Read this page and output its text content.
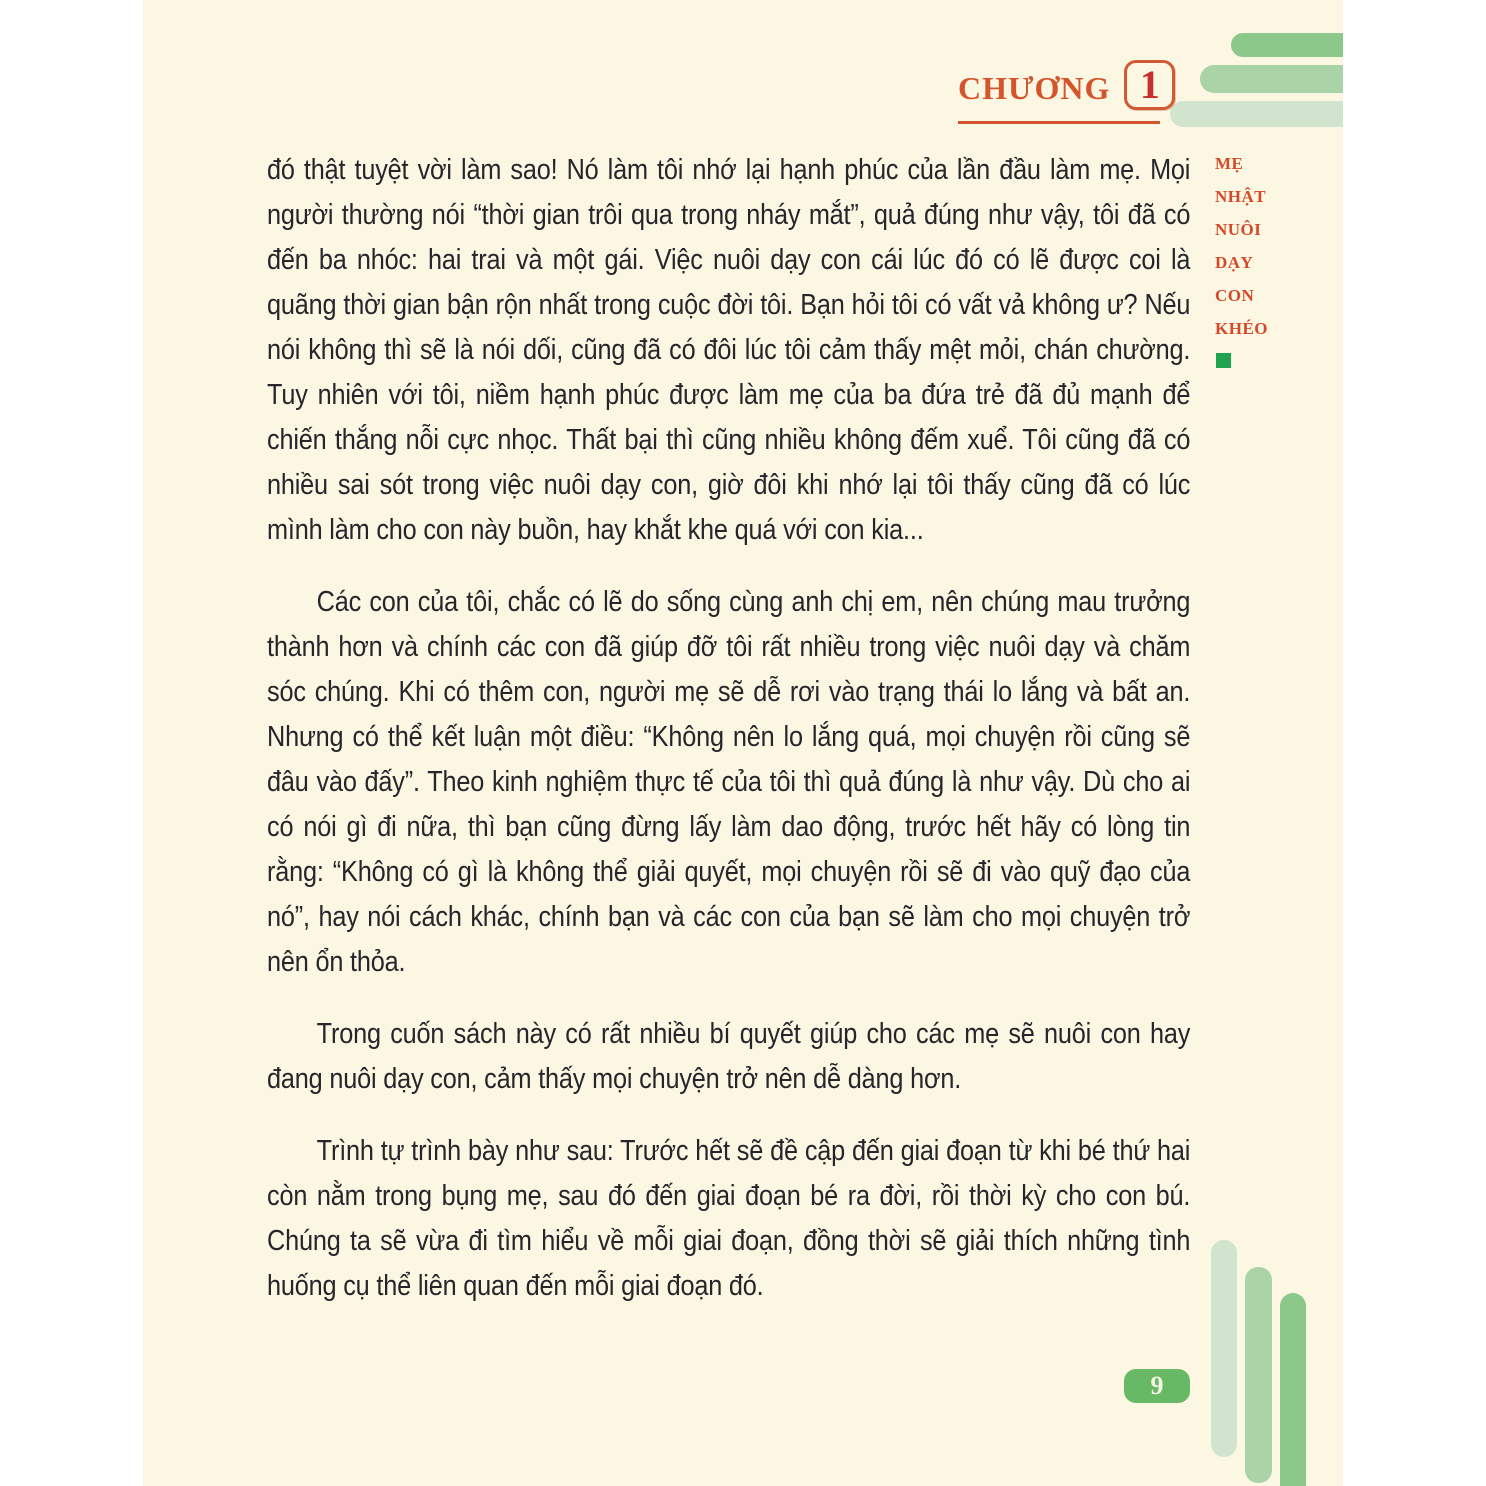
CHƯƠNG 1
MẸ
NHẬT
NUÔI
DẠY
CON
KHÉO

đó thật tuyệt vời làm sao! Nó làm tôi nhớ lại hạnh phúc của lần đầu làm mẹ. Mọi người thường nói “thời gian trôi qua trong nháy mắt”, quả đúng như vậy, tôi đã có đến ba nhóc: hai trai và một gái. Việc nuôi dạy con cái lúc đó có lẽ được coi là quãng thời gian bận rộn nhất trong cuộc đời tôi. Bạn hỏi tôi có vất vả không ư? Nếu nói không thì sẽ là nói dối, cũng đã có đôi lúc tôi cảm thấy mệt mỏi, chán chường. Tuy nhiên với tôi, niềm hạnh phúc được làm mẹ của ba đứa trẻ đã đủ mạnh để chiến thắng nỗi cực nhọc. Thất bại thì cũng nhiều không đếm xuể. Tôi cũng đã có nhiều sai sót trong việc nuôi dạy con, giờ đôi khi nhớ lại tôi thấy cũng đã có lúc mình làm cho con này buồn, hay khắt khe quá với con kia...

Các con của tôi, chắc có lẽ do sống cùng anh chị em, nên chúng mau trưởng thành hơn và chính các con đã giúp đỡ tôi rất nhiều trong việc nuôi dạy và chăm sóc chúng. Khi có thêm con, người mẹ sẽ dễ rơi vào trạng thái lo lắng và bất an. Nhưng có thể kết luận một điều: “Không nên lo lắng quá, mọi chuyện rồi cũng sẽ đâu vào đấy”. Theo kinh nghiệm thực tế của tôi thì quả đúng là như vậy. Dù cho ai có nói gì đi nữa, thì bạn cũng đừng lấy làm dao động, trước hết hãy có lòng tin rằng: “Không có gì là không thể giải quyết, mọi chuyện rồi sẽ đi vào quỹ đạo của nó”, hay nói cách khác, chính bạn và các con của bạn sẽ làm cho mọi chuyện trở nên ổn thỏa.

Trong cuốn sách này có rất nhiều bí quyết giúp cho các mẹ sẽ nuôi con hay đang nuôi dạy con, cảm thấy mọi chuyện trở nên dễ dàng hơn.

Trình tự trình bày như sau: Trước hết sẽ đề cập đến giai đoạn từ khi bé thứ hai còn nằm trong bụng mẹ, sau đó đến giai đoạn bé ra đời, rồi thời kỳ cho con bú. Chúng ta sẽ vừa đi tìm hiểu về mỗi giai đoạn, đồng thời sẽ giải thích những tình huống cụ thể liên quan đến mỗi giai đoạn đó.

9
